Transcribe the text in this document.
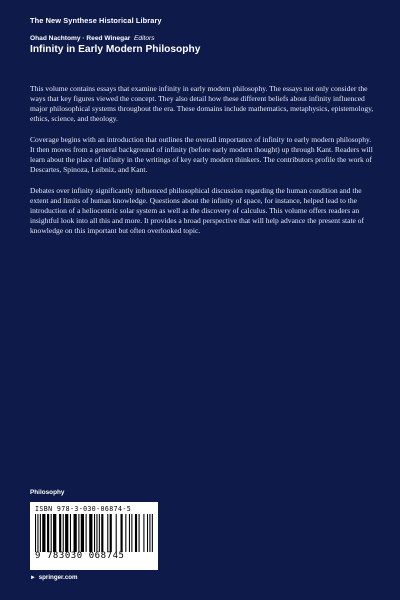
The New Synthese Historical Library
Ohad Nachtomy · Reed Winegar Editors
Infinity in Early Modern Philosophy

This volume contains essays that examine infinity in early modern philosophy. The essays not only consider the ways that key figures viewed the concept. They also detail how these different beliefs about infinity influenced major philosophical systems throughout the era. These domains include mathematics, metaphysics, epistemology, ethics, science, and theology.

Coverage begins with an introduction that outlines the overall importance of infinity to early modern philosophy. It then moves from a general background of infinity (before early modern thought) up through Kant. Readers will learn about the place of infinity in the writings of key early modern thinkers. The contributors profile the work of Descartes, Spinoza, Leibniz, and Kant.

Debates over infinity significantly influenced philosophical discussion regarding the human condition and the extent and limits of human knowledge. Questions about the infinity of space, for instance, helped lead to the introduction of a heliocentric solar system as well as the discovery of calculus. This volume offers readers an insightful look into all this and more. It provides a broad perspective that will help advance the present state of knowledge on this important but often overlooked topic.

Philosophy
ISBN 978-3-030-06874-5
9 783030 068745
► springer.com
